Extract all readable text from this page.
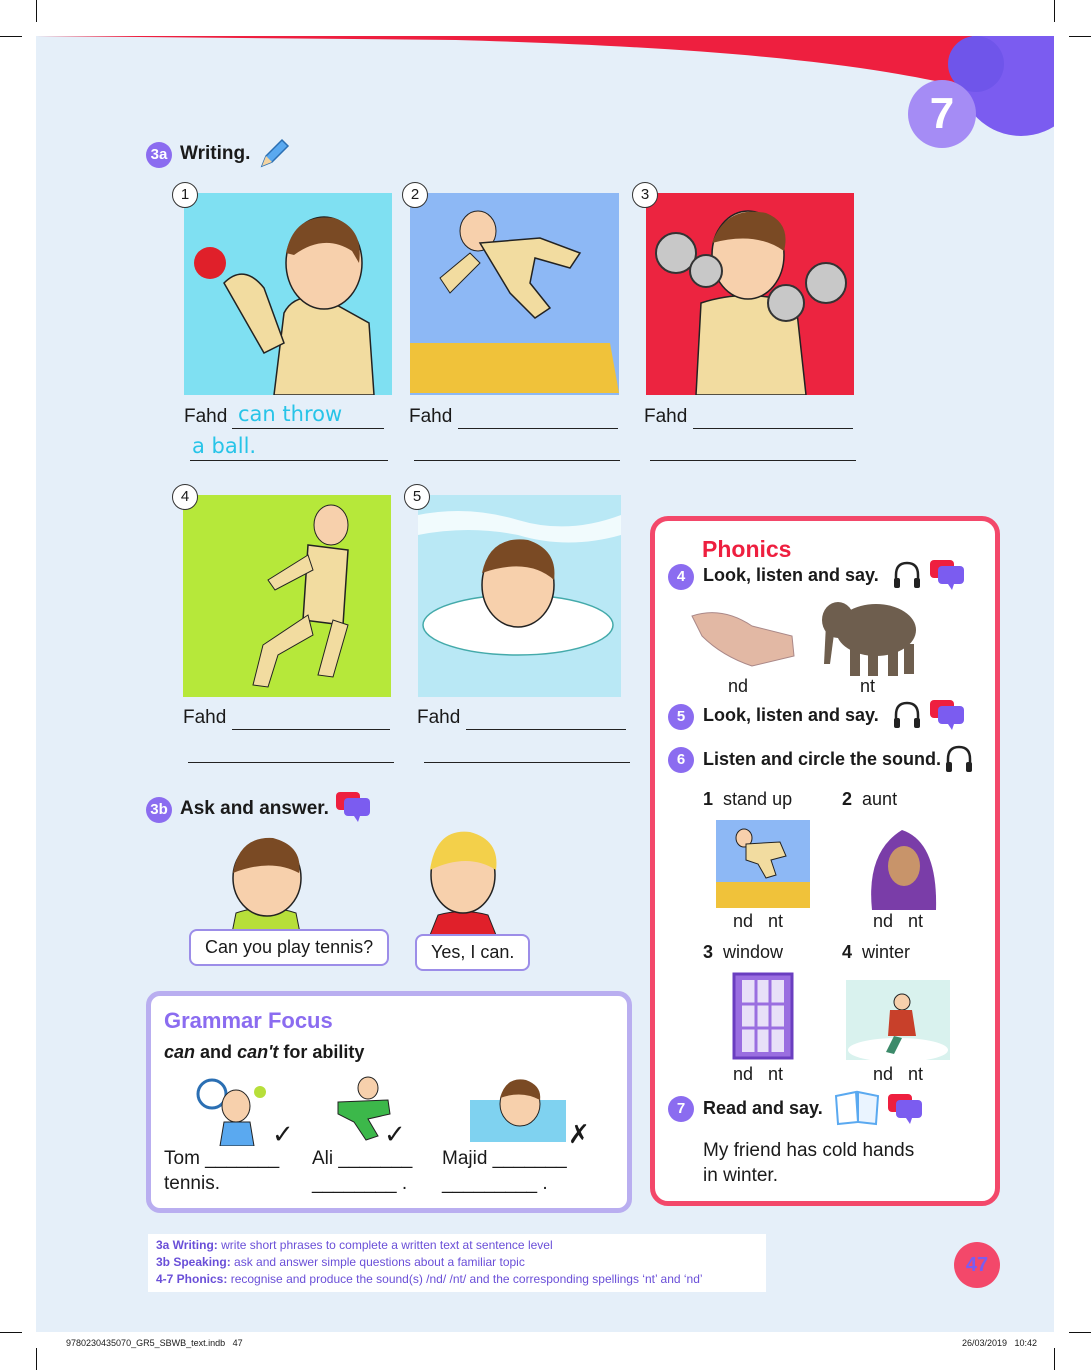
7
3a Writing.
1	2	3
Fahd can throw
a ball.
Fahd	Fahd
4	5
Fahd	Fahd
3b Ask and answer.
Can you play tennis?	Yes, I can.
Grammar Focus
can and can't for ability
✓	✓	✗
Tom _______
tennis.
Ali _______
________ .
Majid _______
_________ .
Phonics
4 Look, listen and say.
nd	nt
5 Look, listen and say.
6 Listen and circle the sound.
1 stand up	2 aunt
nd   nt	nd   nt
3 window	4 winter
nd   nt	nd   nt
7 Read and say.
My friend has cold hands
in winter.
3a Writing: write short phrases to complete a written text at sentence level
3b Speaking: ask and answer simple questions about a familiar topic
4-7 Phonics: recognise and produce the sound(s) /nd/ /nt/ and the corresponding spellings ‘nt’ and ‘nd’
47
9780230435070_GR5_SBWB_text.indb   47	26/03/2019   10:42
